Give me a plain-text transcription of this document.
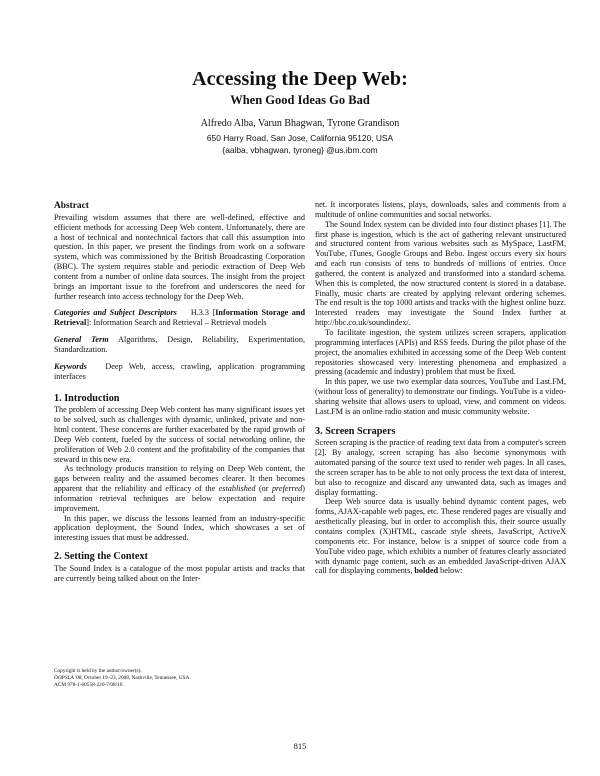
Accessing the Deep Web:
When Good Ideas Go Bad
Alfredo Alba, Varun Bhagwan, Tyrone Grandison
650 Harry Road, San Jose, California 95120, USA
{aalba, vbhagwan, tyroneg} @us.ibm.com
Abstract

Prevailing wisdom assumes that there are well-defined, effective and efficient methods for accessing Deep Web content. Unfortunately, there are a host of technical and nontechnical factors that call this assumption into question. In this paper, we present the findings from work on a software system, which was commissioned by the British Broadcasting Corporation (BBC). The system requires stable and periodic extraction of Deep Web content from a number of online data sources. The insight from the project brings an important issue to the forefront and underscores the need for further research into access technology for the Deep Web.

Categories and Subject Descriptors H.3.3 [Information Storage and Retrieval]: Information Search and Retrieval – Retrieval models

General Term Algorithms, Design, Reliability, Experimentation, Standardization.

Keywords Deep Web, access, crawling, application programming interfaces

1. Introduction

The problem of accessing Deep Web content has many significant issues yet to be solved, such as challenges with dynamic, unlinked, private and non-html content. These concerns are further exacerbated by the rapid growth of Deep Web content, fueled by the success of social networking online, the proliferation of Web 2.0 content and the profitability of the companies that steward in this new era.

As technology products transition to relying on Deep Web content, the gaps between reality and the assumed becomes clearer. It then becomes apparent that the reliability and efficacy of the established (or preferred) information retrieval techniques are below expectation and require improvement.

In this paper, we discuss the lessons learned from an industry-specific application deployment, the Sound Index, which showcases a set of interesting issues that must be addressed.

2. Setting the Context

The Sound Index is a catalogue of the most popular artists and tracks that are currently being talked about on the Inter-

net. It incorporates listens, plays, downloads, sales and comments from a multitude of online communities and social networks.

The Sound Index system can be divided into four distinct phases [1]. The first phase is ingestion, which is the act of gathering relevant unstructured and structured content from various websites such as MySpace, LastFM, YouTube, iTunes, Google Groups and Bebo. Ingest occurs every six hours and each run consists of tens to hundreds of millions of entries. Once gathered, the content is analyzed and transformed into a standard schema. When this is completed, the now structured content is stored in a database. Finally, music charts are created by applying relevant ordering schemes. The end result is the top 1000 artists and tracks with the highest online buzz. Interested readers may investigate the Sound Index further at http://bbc.co.uk/soundindex/.

To facilitate ingestion, the system utilizes screen scrapers, application programming interfaces (APIs) and RSS feeds. During the pilot phase of the project, the anomalies exhibited in accessing some of the Deep Web content repositories showcased very interesting phenomena and emphasized a pressing (academic and industry) problem that must be fixed.

In this paper, we use two exemplar data sources, YouTube and Last.FM, (without loss of generality) to demonstrate our findings. YouTube is a video-sharing website that allows users to upload, view, and comment on videos. Last.FM is an online radio station and music community website.

3. Screen Scrapers

Screen scraping is the practice of reading text data from a computer's screen [2]. By analogy, screen scraping has also become synonymous with automated parsing of the source text used to render web pages. In all cases, the screen scraper has to be able to not only process the text data of interest, but also to recognize and discard any unwanted data, such as images and display formatting.

Deep Web source data is usually behind dynamic content pages, web forms, AJAX-capable web pages, etc. These rendered pages are visually and aesthetically pleasing, but in order to accomplish this, their source usually contains complex (X)HTML, cascade style sheets, JavaScript, ActiveX components etc. For instance, below is a snippet of source code from a YouTube video page, which exhibits a number of features clearly associated with dynamic page content, such as an embedded JavaScript-driven AJAX call for displaying comments, bolded below:

Copyright is held by the author/owner(s).
OOPSLA '08, October 19–23, 2008, Nashville, Tennessee, USA.
ACM 978-1-60558-220-7/08/10.
815
